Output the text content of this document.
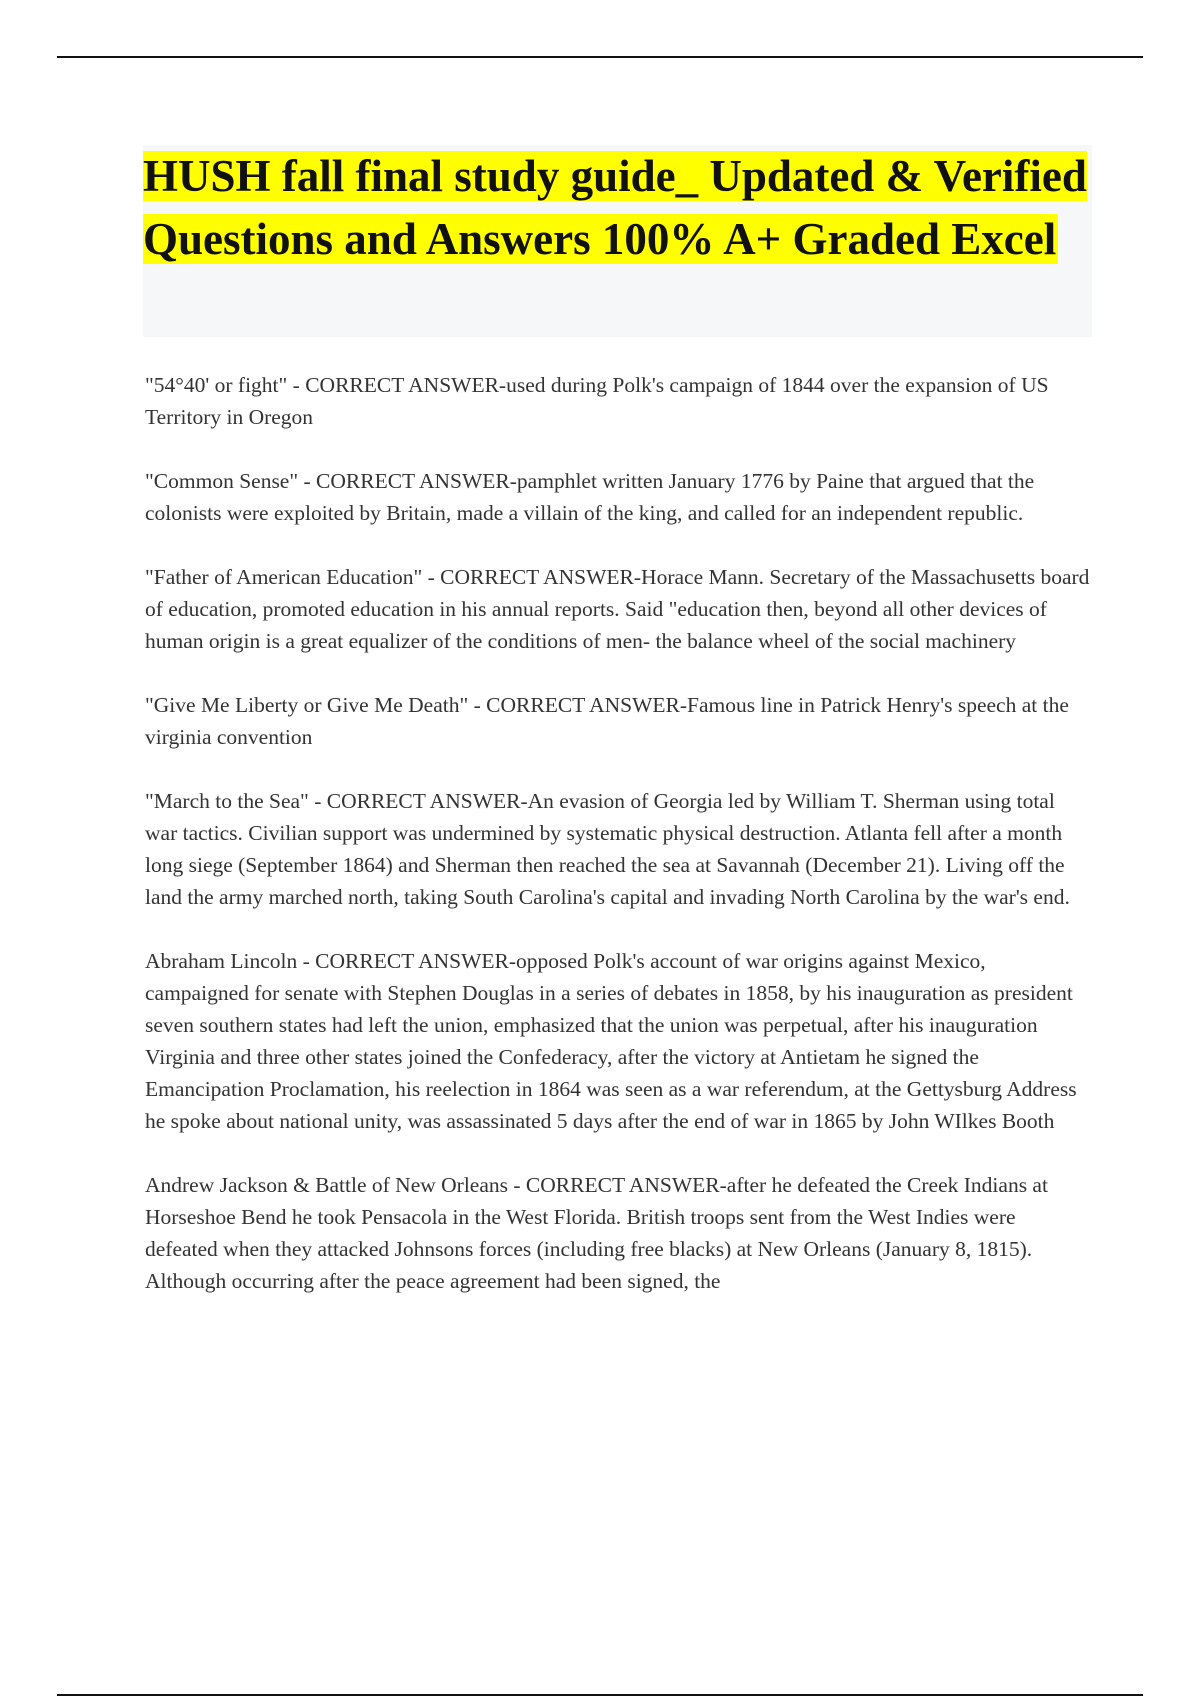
HUSH fall final study guide_ Updated & Verified Questions and Answers 100% A+ Graded Excel

"54°40' or fight" - CORRECT ANSWER-used during Polk's campaign of 1844 over the expansion of US Territory in Oregon

"Common Sense" - CORRECT ANSWER-pamphlet written January 1776 by Paine that argued that the colonists were exploited by Britain, made a villain of the king, and called for an independent republic.

"Father of American Education" - CORRECT ANSWER-Horace Mann. Secretary of the Massachusetts board of education, promoted education in his annual reports. Said "education then, beyond all other devices of human origin is a great equalizer of the conditions of men- the balance wheel of the social machinery

"Give Me Liberty or Give Me Death" - CORRECT ANSWER-Famous line in Patrick Henry's speech at the virginia convention

"March to the Sea" - CORRECT ANSWER-An evasion of Georgia led by William T. Sherman using total war tactics. Civilian support was undermined by systematic physical destruction. Atlanta fell after a month long siege (September 1864) and Sherman then reached the sea at Savannah (December 21). Living off the land the army marched north, taking South Carolina's capital and invading North Carolina by the war's end.

Abraham Lincoln - CORRECT ANSWER-opposed Polk's account of war origins against Mexico, campaigned for senate with Stephen Douglas in a series of debates in 1858, by his inauguration as president seven southern states had left the union, emphasized that the union was perpetual, after his inauguration Virginia and three other states joined the Confederacy, after the victory at Antietam he signed the Emancipation Proclamation, his reelection in 1864 was seen as a war referendum, at the Gettysburg Address he spoke about national unity, was assassinated 5 days after the end of war in 1865 by John WIlkes Booth

Andrew Jackson & Battle of New Orleans - CORRECT ANSWER-after he defeated the Creek Indians at Horseshoe Bend he took Pensacola in the West Florida. British troops sent from the West Indies were defeated when they attacked Johnsons forces (including free blacks) at New Orleans (January 8, 1815). Although occurring after the peace agreement had been signed, the
